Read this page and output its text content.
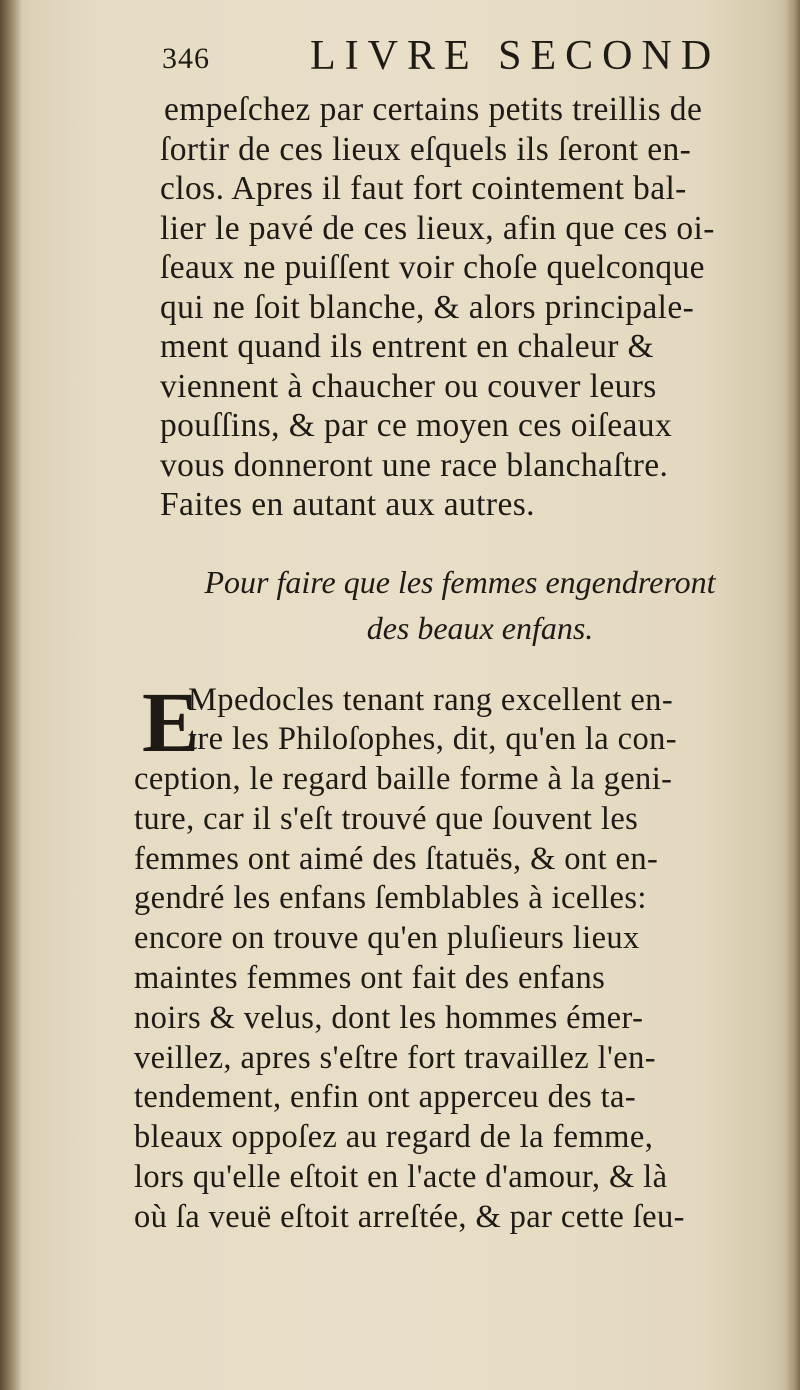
346 LIVRE SECOND
empeſchez par certains petits treillis de
ſortir de ces lieux eſquels ils ſeront en-
clos. Apres il faut fort cointement bal-
lier le pavé de ces lieux, afin que ces oi-
ſeaux ne puiſſent voir choſe quelconque
qui ne ſoit blanche, & alors principale-
ment quand ils entrent en chaleur &
viennent à chaucher ou couver leurs
pouſſins, & par ce moyen ces oiſeaux
vous donneront une race blanchaſtre.
Faites en autant aux autres.
Pour faire que les femmes engendreront
des beaux enfans.
E
Mpedocles tenant rang excellent en-
tre les Philoſophes, dit, qu'en la con-
ception, le regard baille forme à la geni-
ture, car il s'eſt trouvé que ſouvent les
femmes ont aimé des ſtatuës, & ont en-
gendré les enfans ſemblables à icelles:
encore on trouve qu'en pluſieurs lieux
maintes femmes ont fait des enfans
noirs & velus, dont les hommes émer-
veillez, apres s'eſtre fort travaillez l'en-
tendement, enfin ont apperceu des ta-
bleaux oppoſez au regard de la femme,
lors qu'elle eſtoit en l'acte d'amour, & là
où ſa veuë eſtoit arreſtée, & par cette ſeu-
